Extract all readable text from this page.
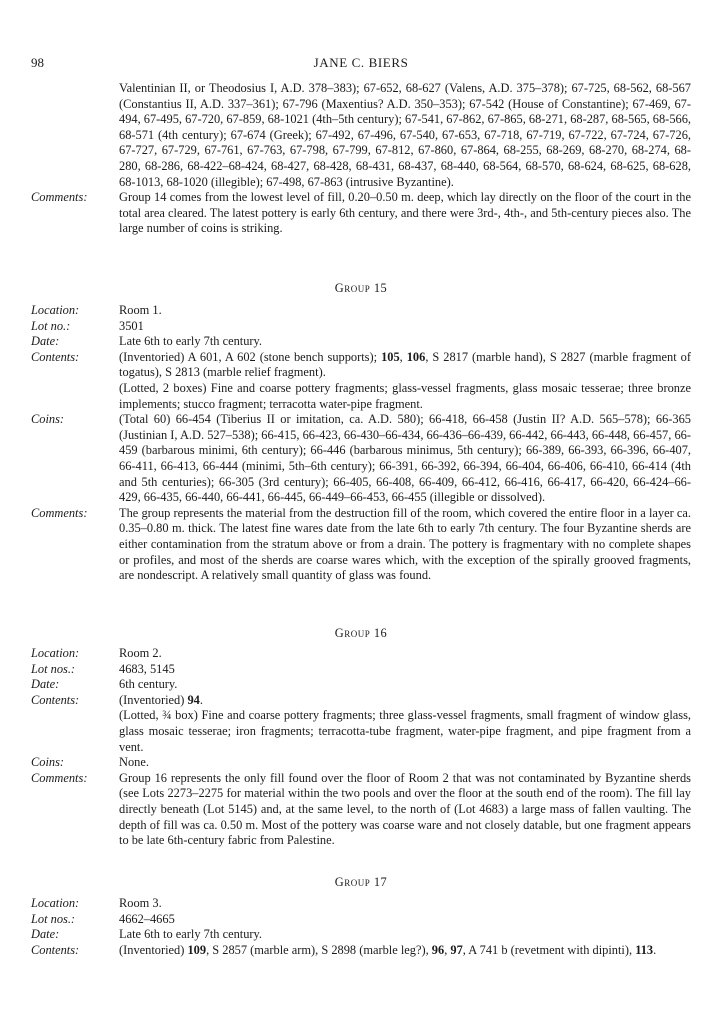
98	JANE C. BIERS
Valentinian II, or Theodosius I, A.D. 378–383); 67-652, 68-627 (Valens, A.D. 375–378); 67-725, 68-562, 68-567 (Constantius II, A.D. 337–361); 67-796 (Maxentius? A.D. 350–353); 67-542 (House of Constantine); 67-469, 67-494, 67-495, 67-720, 67-859, 68-1021 (4th–5th century); 67-541, 67-862, 67-865, 68-271, 68-287, 68-565, 68-566, 68-571 (4th century); 67-674 (Greek); 67-492, 67-496, 67-540, 67-653, 67-718, 67-719, 67-722, 67-724, 67-726, 67-727, 67-729, 67-761, 67-763, 67-798, 67-799, 67-812, 67-860, 67-864, 68-255, 68-269, 68-270, 68-274, 68-280, 68-286, 68-422–68-424, 68-427, 68-428, 68-431, 68-437, 68-440, 68-564, 68-570, 68-624, 68-625, 68-628, 68-1013, 68-1020 (illegible); 67-498, 67-863 (intrusive Byzantine).
Comments:	Group 14 comes from the lowest level of fill, 0.20–0.50 m. deep, which lay directly on the floor of the court in the total area cleared. The latest pottery is early 6th century, and there were 3rd-, 4th-, and 5th-century pieces also. The large number of coins is striking.
Group 15
Location:	Room 1.
Lot no.:	3501
Date:	Late 6th to early 7th century.
Contents:	(Inventoried) A 601, A 602 (stone bench supports); 105, 106, S 2817 (marble hand), S 2827 (marble fragment of togatus), S 2813 (marble relief fragment).
(Lotted, 2 boxes) Fine and coarse pottery fragments; glass-vessel fragments, glass mosaic tesserae; three bronze implements; stucco fragment; terracotta water-pipe fragment.
Coins:	(Total 60) 66-454 (Tiberius II or imitation, ca. A.D. 580); 66-418, 66-458 (Justin II? A.D. 565–578); 66-365 (Justinian I, A.D. 527–538); 66-415, 66-423, 66-430–66-434, 66-436–66-439, 66-442, 66-443, 66-448, 66-457, 66-459 (barbarous minimi, 6th century); 66-446 (barbarous minimus, 5th century); 66-389, 66-393, 66-396, 66-407, 66-411, 66-413, 66-444 (minimi, 5th–6th century); 66-391, 66-392, 66-394, 66-404, 66-406, 66-410, 66-414 (4th and 5th centuries); 66-305 (3rd century); 66-405, 66-408, 66-409, 66-412, 66-416, 66-417, 66-420, 66-424–66-429, 66-435, 66-440, 66-441, 66-445, 66-449–66-453, 66-455 (illegible or dissolved).
Comments:	The group represents the material from the destruction fill of the room, which covered the entire floor in a layer ca. 0.35–0.80 m. thick. The latest fine wares date from the late 6th to early 7th century. The four Byzantine sherds are either contamination from the stratum above or from a drain. The pottery is fragmentary with no complete shapes or profiles, and most of the sherds are coarse wares which, with the exception of the spirally grooved fragments, are nondescript. A relatively small quantity of glass was found.
Group 16
Location:	Room 2.
Lot nos.:	4683, 5145
Date:	6th century.
Contents:	(Inventoried) 94.
(Lotted, ¾ box) Fine and coarse pottery fragments; three glass-vessel fragments, small fragment of window glass, glass mosaic tesserae; iron fragments; terracotta-tube fragment, water-pipe fragment, and pipe fragment from a vent.
Coins:	None.
Comments:	Group 16 represents the only fill found over the floor of Room 2 that was not contaminated by Byzantine sherds (see Lots 2273–2275 for material within the two pools and over the floor at the south end of the room). The fill lay directly beneath (Lot 5145) and, at the same level, to the north of (Lot 4683) a large mass of fallen vaulting. The depth of fill was ca. 0.50 m. Most of the pottery was coarse ware and not closely datable, but one fragment appears to be late 6th-century fabric from Palestine.
Group 17
Location:	Room 3.
Lot nos.:	4662–4665
Date:	Late 6th to early 7th century.
Contents:	(Inventoried) 109, S 2857 (marble arm), S 2898 (marble leg?), 96, 97, A 741 b (revetment with dipinti), 113.
